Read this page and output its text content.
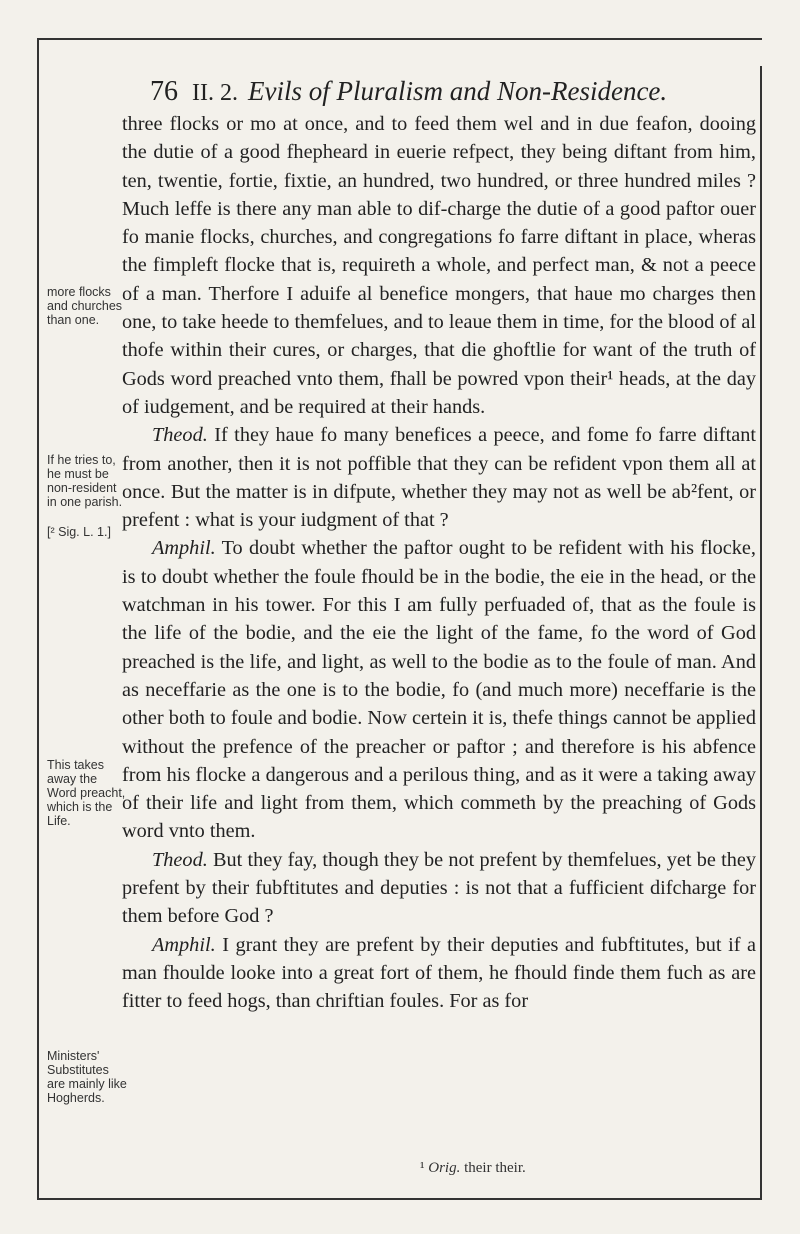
76 II. 2. Evils of Pluralism and Non-Residence.
more flocks and churches than one.
If he tries to, he must be non-resident in one parish.
[² Sig. L. 1.]
This takes away the Word preacht, which is the Life.
Ministers' Substitutes are mainly like Hogherds.

three flocks or mo at once, and to feed them wel and in due feafon, dooing the dutie of a good fhepheard in euerie refpect, they being diftant from him, ten, twentie, fortie, fixtie, an hundred, two hundred, or three hundred miles ? Much leffe is there any man able to dif-charge the dutie of a good paftor ouer fo manie flocks, churches, and congregations fo farre diftant in place, wheras the fimpleft flocke that is, requireth a whole, and perfect man, & not a peece of a man. Therfore I aduife al benefice mongers, that haue mo charges then one, to take heede to themfelues, and to leaue them in time, for the blood of al thofe within their cures, or charges, that die ghoftlie for want of the truth of Gods word preached vnto them, fhall be powred vpon their¹ heads, at the day of iudgement, and be required at their hands.

Theod. If they haue fo many benefices a peece, and fome fo farre diftant from another, then it is not poffible that they can be refident vpon them all at once. But the matter is in difpute, whether they may not as well be ab²fent, or prefent : what is your iudgment of that ?

Amphil. To doubt whether the paftor ought to be refident with his flocke, is to doubt whether the foule fhould be in the bodie, the eie in the head, or the watchman in his tower. For this I am fully perfuaded of, that as the foule is the life of the bodie, and the eie the light of the fame, fo the word of God preached is the life, and light, as well to the bodie as to the foule of man. And as neceffarie as the one is to the bodie, fo (and much more) neceffarie is the other both to foule and bodie. Now certein it is, thefe things cannot be applied without the prefence of the preacher or paftor ; and therefore is his abfence from his flocke a dangerous and a perilous thing, and as it were a taking away of their life and light from them, which commeth by the preaching of Gods word vnto them.

Theod. But they fay, though they be not prefent by themfelues, yet be they prefent by their fubftitutes and deputies : is not that a fufficient difcharge for them before God ?

Amphil. I grant they are prefent by their deputies and fubftitutes, but if a man fhoulde looke into a great fort of them, he fhould finde them fuch as are fitter to feed hogs, than chriftian foules. For as for

¹ Orig. their their.
